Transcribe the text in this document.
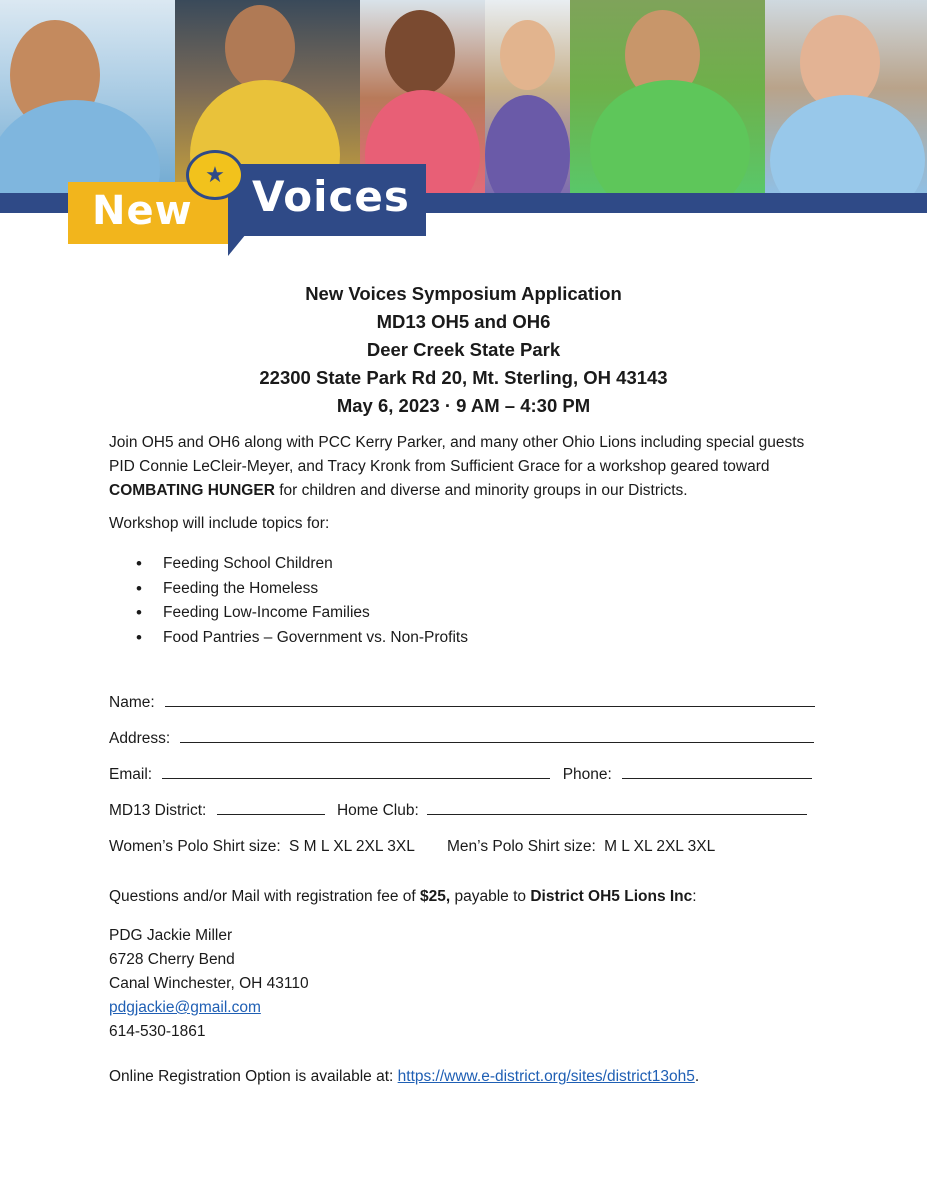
New Voices
★
New Voices Symposium Application
MD13 OH5 and OH6
Deer Creek State Park
22300 State Park Rd 20, Mt. Sterling, OH 43143
May 6, 2023 · 9 AM – 4:30 PM
Join OH5 and OH6 along with PCC Kerry Parker, and many other Ohio Lions including special guests PID Connie LeCleir-Meyer, and Tracy Kronk from Sufficient Grace for a workshop geared toward COMBATING HUNGER for children and diverse and minority groups in our Districts.
Workshop will include topics for:
• Feeding School Children
• Feeding the Homeless
• Feeding Low-Income Families
• Food Pantries – Government vs. Non-Profits
Name:
Address:
Email:	Phone:
MD13 District:	Home Club:
Women’s Polo Shirt size: S M L XL 2XL 3XL Men’s Polo Shirt size: M L XL 2XL 3XL
Questions and/or Mail with registration fee of $25, payable to District OH5 Lions Inc:
PDG Jackie Miller
6728 Cherry Bend
Canal Winchester, OH 43110
pdgjackie@gmail.com
614-530-1861
Online Registration Option is available at: https://www.e-district.org/sites/district13oh5.
